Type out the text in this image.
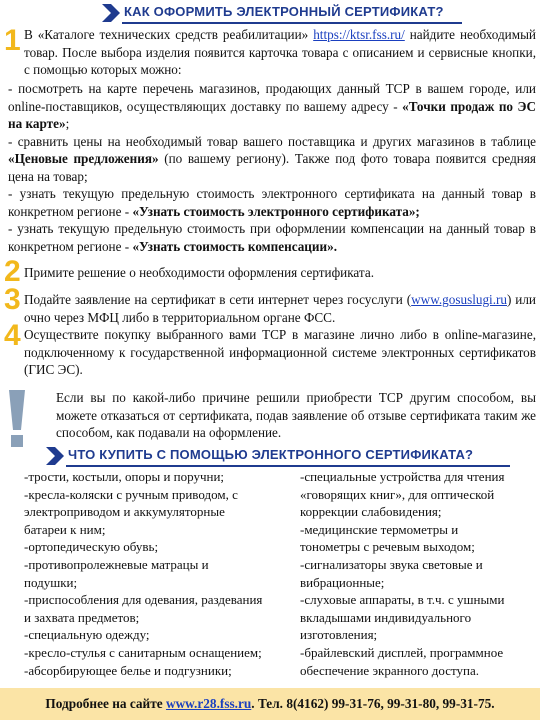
КАК ОФОРМИТЬ ЭЛЕКТРОННЫЙ СЕРТИФИКАТ?
1 В «Каталоге технических средств реабилитации» https://ktsr.fss.ru/ найдите необходимый товар. После выбора изделия появится карточка товара с описанием и сервисные кнопки, с помощью которых можно:
- посмотреть на карте перечень магазинов, продающих данный ТСР в вашем городе, или online-поставщиков, осуществляющих доставку по вашему адресу - «Точки продаж по ЭС на карте»;
- сравнить цены на необходимый товар вашего поставщика и других магазинов в таблице «Ценовые предложения» (по вашему региону). Также под фото товара появится средняя цена на товар;
- узнать текущую предельную стоимость электронного сертификата на данный товар в конкретном регионе - «Узнать стоимость электронного сертификата»;
- узнать текущую предельную стоимость при оформлении компенсации на данный товар в конкретном регионе - «Узнать стоимость компенсации».
2 Примите решение о необходимости оформления сертификата.
3 Подайте заявление на сертификат в сети интернет через госуслуги (www.gosuslugi.ru) или очно через МФЦ либо в территориальном органе ФСС.
4 Осуществите покупку выбранного вами ТСР в магазине лично либо в online-магазине, подключенному к государственной информационной системе электронных сертификатов (ГИС ЭС).
Если вы по какой-либо причине решили приобрести ТСР другим способом, вы можете отказаться от сертификата, подав заявление об отзыве сертификата таким же способом, как подавали на оформление.
ЧТО КУПИТЬ С ПОМОЩЬЮ ЭЛЕКТРОННОГО СЕРТИФИКАТА?
-трости, костыли, опоры и поручни;
-кресла-коляски с ручным приводом, с
электроприводом и аккумуляторные
батареи к ним;
-ортопедическую обувь;
-противопролежневые матрацы и
подушки;
-приспособления для одевания, раздевания
и захвата предметов;
-специальную одежду;
-кресло-стулья с санитарным оснащением;
-абсорбирующее белье и подгузники;
-специальные устройства для чтения
«говорящих книг», для оптической
коррекции слабовидения;
-медицинские термометры и
тонометры с речевым выходом;
-сигнализаторы звука световые и
вибрационные;
-слуховые аппараты, в т.ч. с ушными
вкладышами индивидуального
изготовления;
-брайлевский дисплей, программное
обеспечение экранного доступа.
Подробнее на сайте www.r28.fss.ru. Тел. 8(4162) 99-31-76, 99-31-80, 99-31-75.
